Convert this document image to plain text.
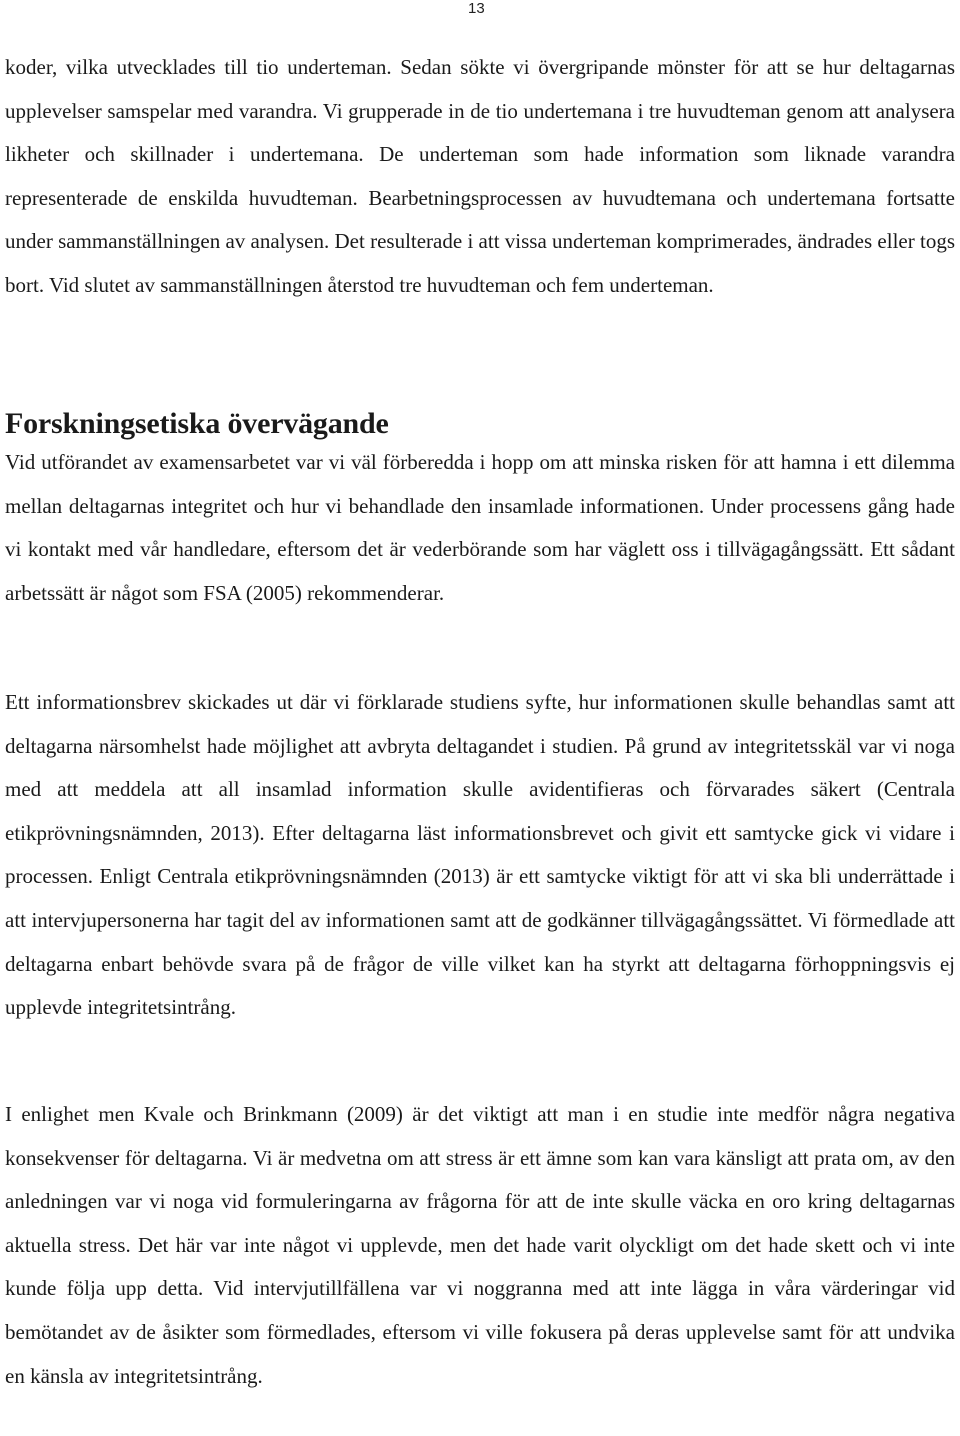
13

koder, vilka utvecklades till tio underteman. Sedan sökte vi övergripande mönster för att se hur deltagarnas upplevelser samspelar med varandra. Vi grupperade in de tio undertemana i tre huvudteman genom att analysera likheter och skillnader i undertemana. De underteman som hade information som liknade varandra representerade de enskilda huvudteman. Bearbetningsprocessen av huvudtemana och undertemana fortsatte under sammanställningen av analysen. Det resulterade i att vissa underteman komprimerades, ändrades eller togs bort. Vid slutet av sammanställningen återstod tre huvudteman och fem underteman.

Forskningsetiska övervägande

Vid utförandet av examensarbetet var vi väl förberedda i hopp om att minska risken för att hamna i ett dilemma mellan deltagarnas integritet och hur vi behandlade den insamlade informationen. Under processens gång hade vi kontakt med vår handledare, eftersom det är vederbörande som har väglett oss i tillvägagångssätt. Ett sådant arbetssätt är något som FSA (2005) rekommenderar.

Ett informationsbrev skickades ut där vi förklarade studiens syfte, hur informationen skulle behandlas samt att deltagarna närsomhelst hade möjlighet att avbryta deltagandet i studien. På grund av integritetsskäl var vi noga med att meddela att all insamlad information skulle avidentifieras och förvarades säkert (Centrala etikprövningsnämnden, 2013). Efter deltagarna läst informationsbrevet och givit ett samtycke gick vi vidare i processen. Enligt Centrala etikprövningsnämnden (2013) är ett samtycke viktigt för att vi ska bli underrättade i att intervjupersonerna har tagit del av informationen samt att de godkänner tillvägagångssättet. Vi förmedlade att deltagarna enbart behövde svara på de frågor de ville vilket kan ha styrkt att deltagarna förhoppningsvis ej upplevde integritetsintrång.

I enlighet men Kvale och Brinkmann (2009) är det viktigt att man i en studie inte medför några negativa konsekvenser för deltagarna. Vi är medvetna om att stress är ett ämne som kan vara känsligt att prata om, av den anledningen var vi noga vid formuleringarna av frågorna för att de inte skulle väcka en oro kring deltagarnas aktuella stress. Det här var inte något vi upplevde, men det hade varit olyckligt om det hade skett och vi inte kunde följa upp detta. Vid intervjutillfällena var vi noggranna med att inte lägga in våra värderingar vid bemötandet av de åsikter som förmedlades, eftersom vi ville fokusera på deras upplevelse samt för att undvika en känsla av integritetsintrång.
